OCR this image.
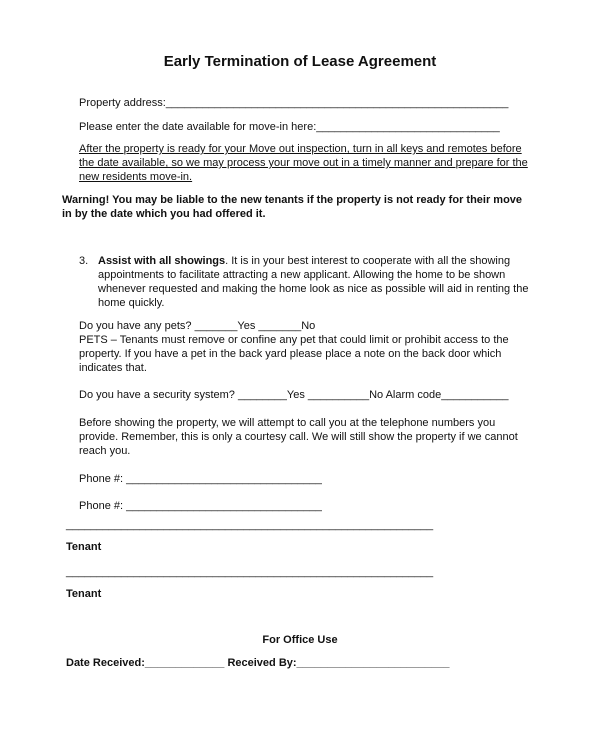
Early Termination of Lease Agreement
Property address:________________________________________________________
Please enter the date available for move-in here:______________________________
After the property is ready for your Move out inspection, turn in all keys and remotes before
the date available, so we may process your move out in a timely manner and prepare for the
new residents move-in.
Warning! You may be liable to the new tenants if the property is not ready for their move
in by the date which you had offered it.
3. Assist with all showings. It is in your best interest to cooperate with all the showing
appointments to facilitate attracting a new applicant. Allowing the home to be shown
whenever requested and making the home look as nice as possible will aid in renting the
home quickly.
Do you have any pets? _______Yes _______No
PETS – Tenants must remove or confine any pet that could limit or prohibit access to the
property. If you have a pet in the back yard please place a note on the back door which
indicates that.
Do you have a security system? ________Yes __________No Alarm code___________
Before showing the property, we will attempt to call you at the telephone numbers you
provide. Remember, this is only a courtesy call. We will still show the property if we cannot
reach you.
Phone #: ________________________________
Phone #: ________________________________
____________________________________________________________
Tenant
____________________________________________________________
Tenant
For Office Use
Date Received:_____________ Received By:_________________________
